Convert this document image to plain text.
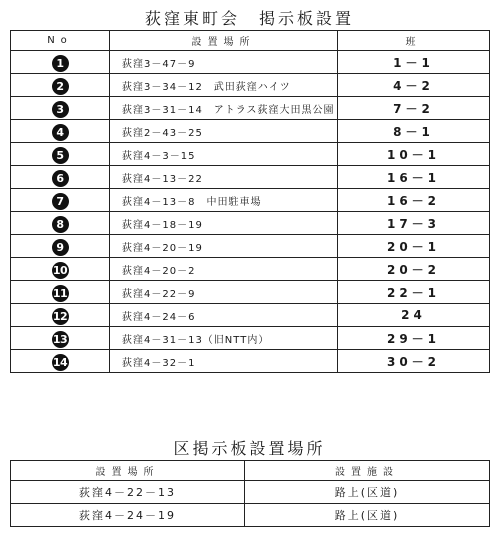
荻窪東町会　掲示板設置
No	設置場所	班
1	荻窪3－47－9	1－1
2	荻窪3－34－12　武田荻窪ハイツ	4－2
3	荻窪3－31－14　アトラス荻窪大田黒公園	7－2
4	荻窪2－43－25	8－1
5	荻窪4－3－15	10－1
6	荻窪4－13－22	16－1
7	荻窪4－13－8　中田駐車場	16－2
8	荻窪4－18－19	17－3
9	荻窪4－20－19	20－1
10	荻窪4－20－2	20－2
11	荻窪4－22－9	22－1
12	荻窪4－24－6	24
13	荻窪4－31－13（旧NTT内）	29－1
14	荻窪4－32－1	30－2
区掲示板設置場所
設置場所	設置施設
荻窪4－22－13	路上(区道)
荻窪4－24－19	路上(区道)
